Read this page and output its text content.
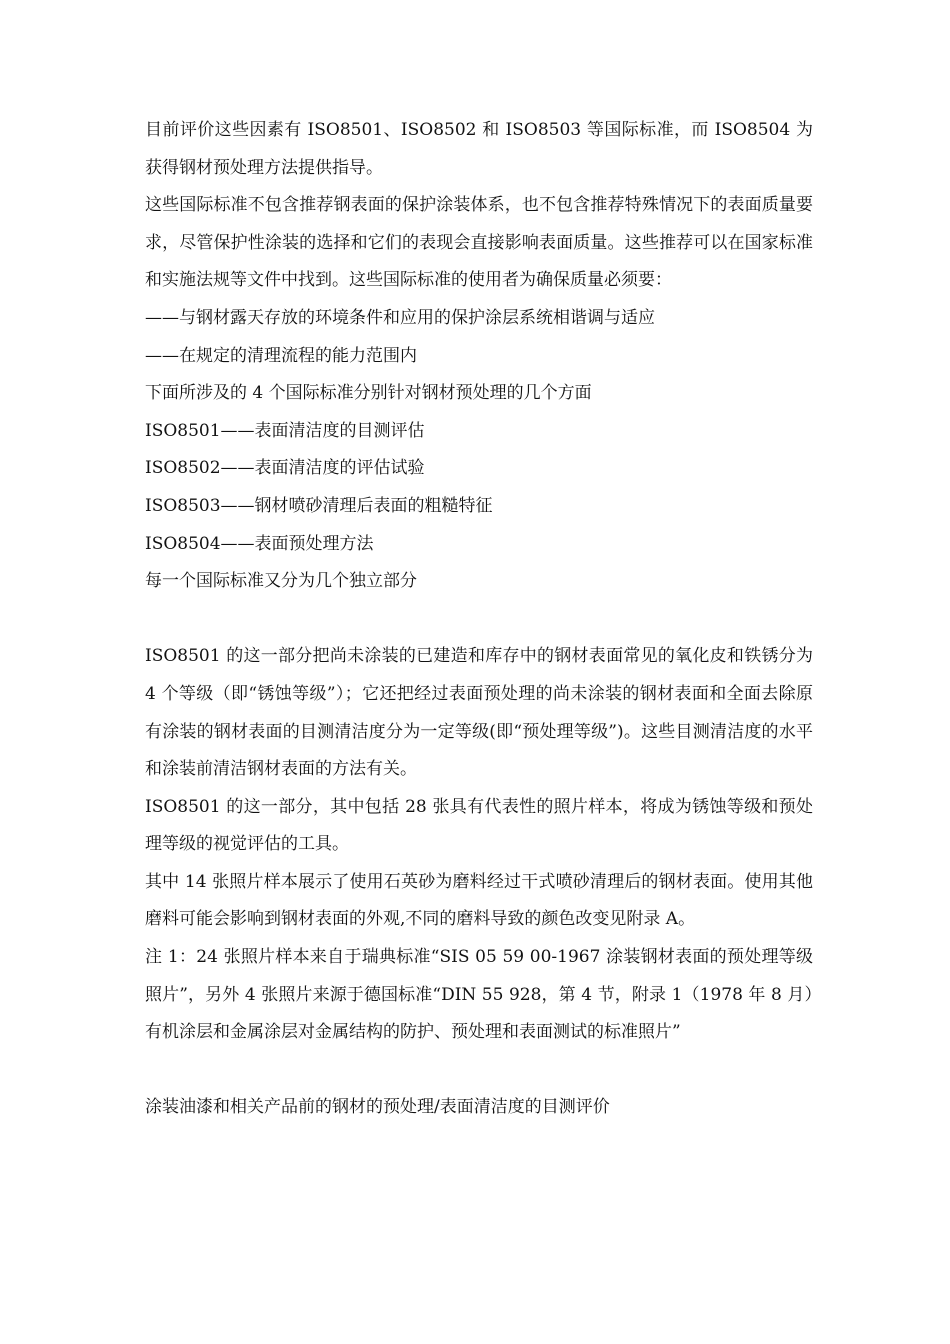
目前评价这些因素有 ISO8501、ISO8502 和 ISO8503 等国际标准，而 ISO8504 为获得钢材预处理方法提供指导。

这些国际标准不包含推荐钢表面的保护涂装体系，也不包含推荐特殊情况下的表面质量要求，尽管保护性涂装的选择和它们的表现会直接影响表面质量。这些推荐可以在国家标准和实施法规等文件中找到。这些国际标准的使用者为确保质量必须要：

——与钢材露天存放的环境条件和应用的保护涂层系统相谐调与适应

——在规定的清理流程的能力范围内

下面所涉及的 4 个国际标准分别针对钢材预处理的几个方面

ISO8501——表面清洁度的目测评估

ISO8502——表面清洁度的评估试验

ISO8503——钢材喷砂清理后表面的粗糙特征

ISO8504——表面预处理方法

每一个国际标准又分为几个独立部分

ISO8501 的这一部分把尚未涂装的已建造和库存中的钢材表面常见的氧化皮和铁锈分为 4 个等级（即“锈蚀等级”）；它还把经过表面预处理的尚未涂装的钢材表面和全面去除原有涂装的钢材表面的目测清洁度分为一定等级(即“预处理等级”)。这些目测清洁度的水平和涂装前清洁钢材表面的方法有关。

ISO8501 的这一部分，其中包括 28 张具有代表性的照片样本，将成为锈蚀等级和预处理等级的视觉评估的工具。

其中 14 张照片样本展示了使用石英砂为磨料经过干式喷砂清理后的钢材表面。使用其他磨料可能会影响到钢材表面的外观,不同的磨料导致的颜色改变见附录 A。

注 1：24 张照片样本来自于瑞典标准“SIS 05 59 00-1967 涂装钢材表面的预处理等级照片”，另外 4 张照片来源于德国标准“DIN 55 928，第 4 节，附录 1（1978 年 8 月）有机涂层和金属涂层对金属结构的防护、预处理和表面测试的标准照片”

涂装油漆和相关产品前的钢材的预处理/表面清洁度的目测评价
